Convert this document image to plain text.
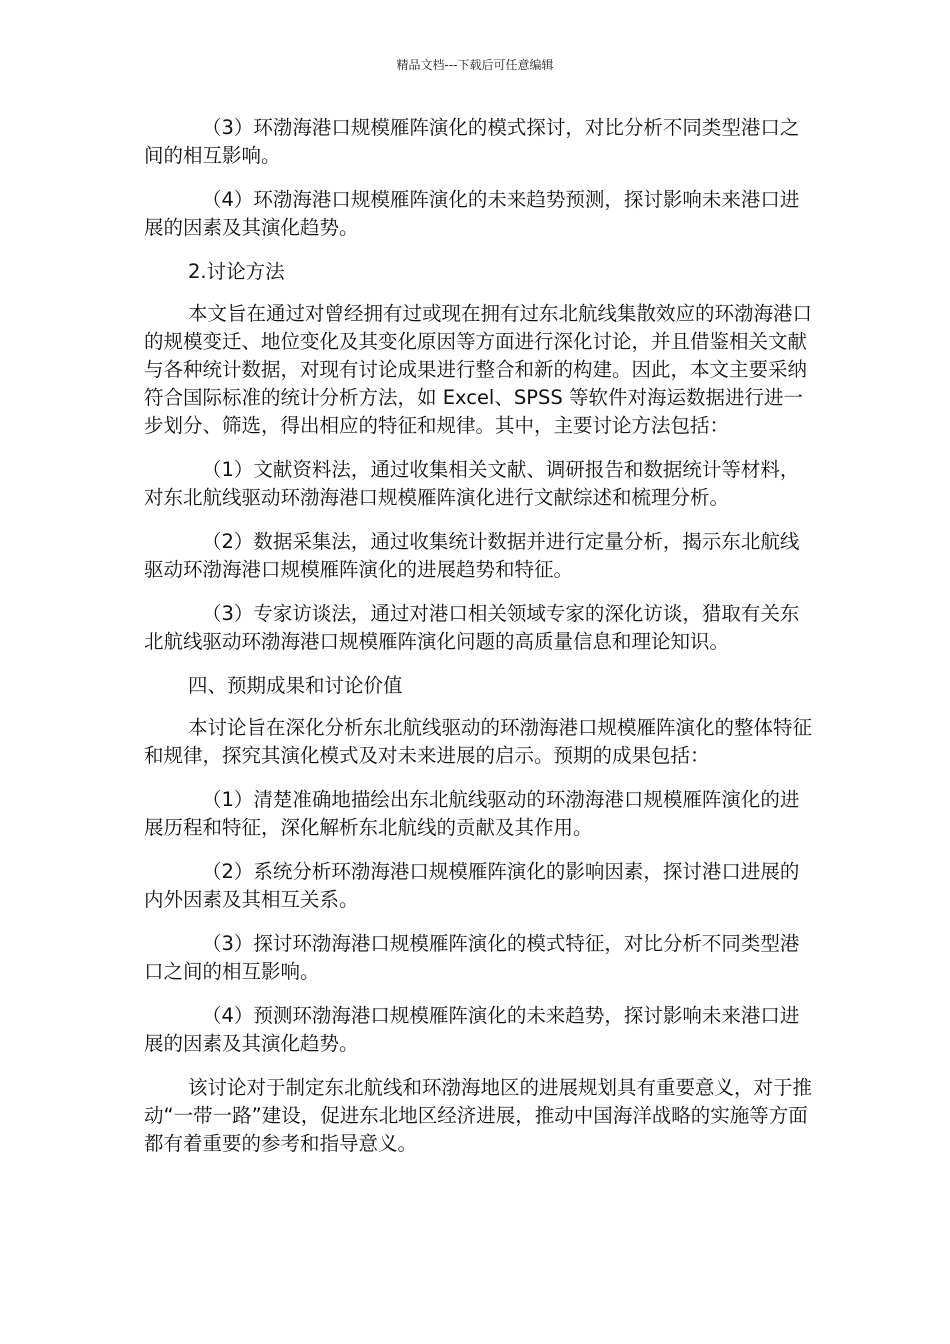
精品文档---下载后可任意编辑

（3）环渤海港口规模雁阵演化的模式探讨，对比分析不同类型港口之间的相互影响。

（4）环渤海港口规模雁阵演化的未来趋势预测，探讨影响未来港口进展的因素及其演化趋势。

2.讨论方法

本文旨在通过对曾经拥有过或现在拥有过东北航线集散效应的环渤海港口的规模变迁、地位变化及其变化原因等方面进行深化讨论，并且借鉴相关文献与各种统计数据，对现有讨论成果进行整合和新的构建。因此，本文主要采纳符合国际标准的统计分析方法，如 Excel、SPSS 等软件对海运数据进行进一步划分、筛选，得出相应的特征和规律。其中，主要讨论方法包括：

（1）文献资料法，通过收集相关文献、调研报告和数据统计等材料，对东北航线驱动环渤海港口规模雁阵演化进行文献综述和梳理分析。

（2）数据采集法，通过收集统计数据并进行定量分析，揭示东北航线驱动环渤海港口规模雁阵演化的进展趋势和特征。

（3）专家访谈法，通过对港口相关领域专家的深化访谈，猎取有关东北航线驱动环渤海港口规模雁阵演化问题的高质量信息和理论知识。

四、预期成果和讨论价值

本讨论旨在深化分析东北航线驱动的环渤海港口规模雁阵演化的整体特征和规律，探究其演化模式及对未来进展的启示。预期的成果包括：

（1）清楚准确地描绘出东北航线驱动的环渤海港口规模雁阵演化的进展历程和特征，深化解析东北航线的贡献及其作用。

（2）系统分析环渤海港口规模雁阵演化的影响因素，探讨港口进展的内外因素及其相互关系。

（3）探讨环渤海港口规模雁阵演化的模式特征，对比分析不同类型港口之间的相互影响。

（4）预测环渤海港口规模雁阵演化的未来趋势，探讨影响未来港口进展的因素及其演化趋势。

该讨论对于制定东北航线和环渤海地区的进展规划具有重要意义，对于推动“一带一路”建设，促进东北地区经济进展，推动中国海洋战略的实施等方面都有着重要的参考和指导意义。
